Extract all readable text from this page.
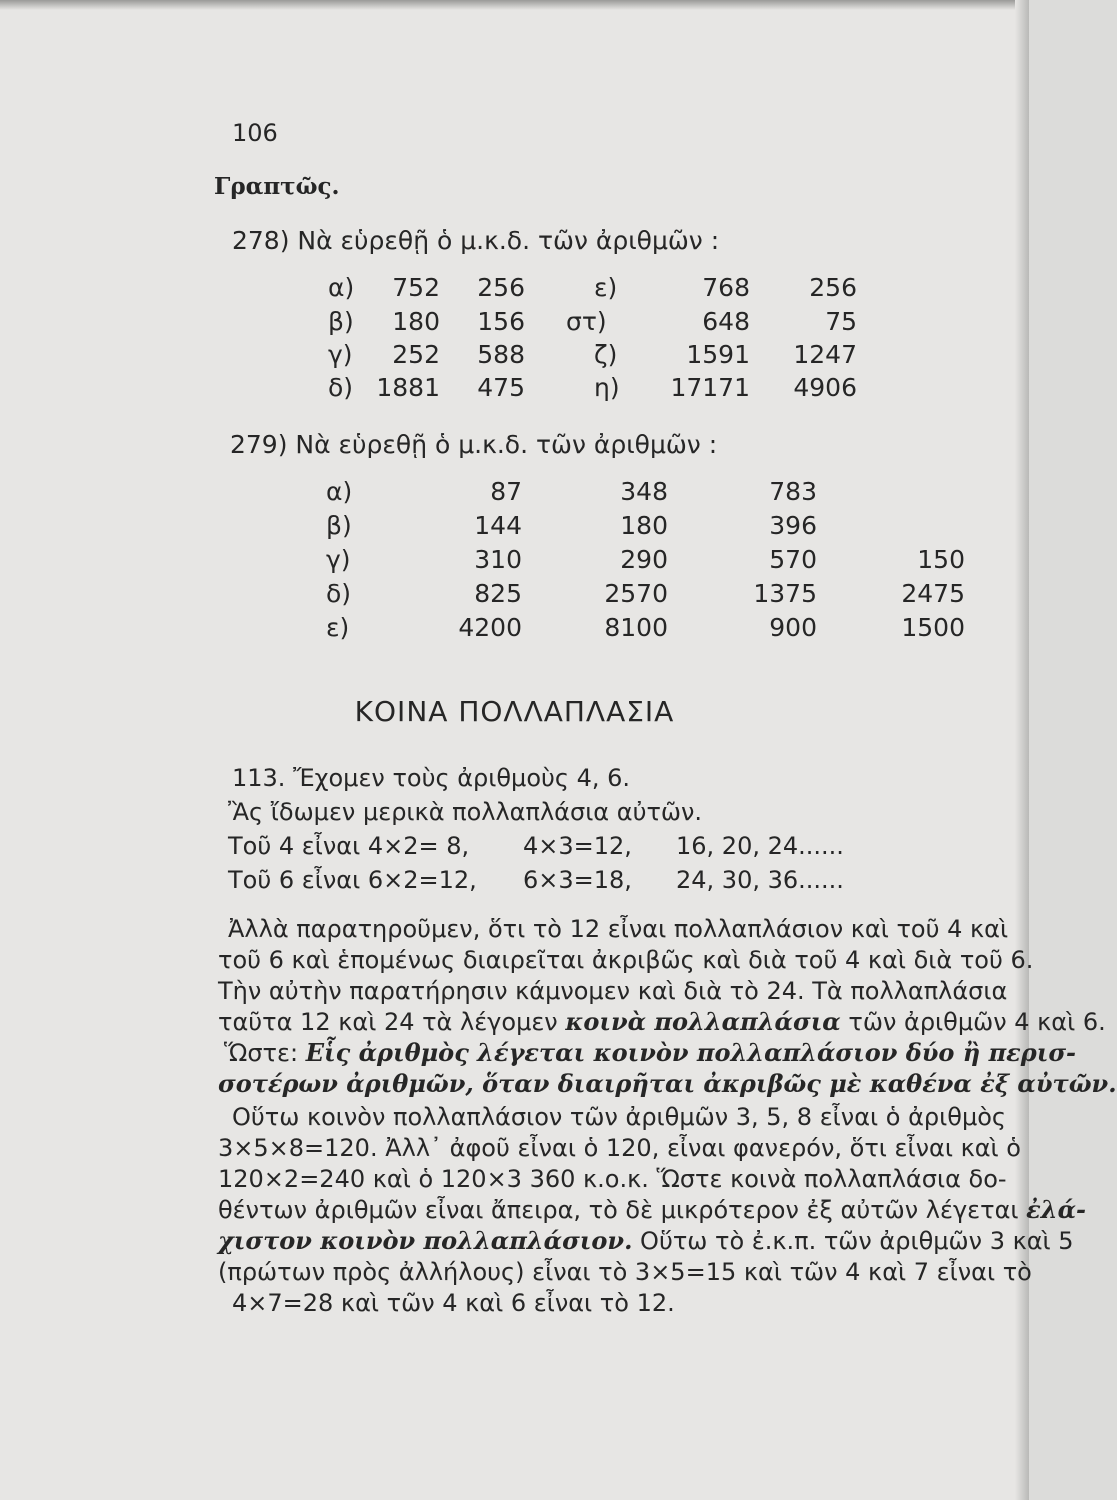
106
Γραπτῶς.
278) Νὰ εὑρεθῇ ὁ μ.κ.δ. τῶν ἀριθμῶν :
α)	752	256	ε)	768	256
β)	180	156 στ)	648	75
γ)	252	588	ζ)	1591	1247
δ) 1881	475	η)	17171	4906
279) Νὰ εὑρεθῇ ὁ μ.κ.δ. τῶν ἀριθμῶν :
α)	87	348	783
β)	144	180	396
γ)	310	290	570	150
δ)	825	2570	1375	2475
ε)	4200	8100	900	1500
ΚΟΙΝΑ ΠΟΛΛΑΠΛΑΣΙΑ
113. Ἔχομεν τοὺς ἀριθμοὺς 4, 6.
Ἂς ἴδωμεν μερικὰ πολλαπλάσια αὐτῶν.
Τοῦ 4 εἶναι 4×2= 8, 4×3=12, 16, 20, 24......
Τοῦ 6 εἶναι 6×2=12, 6×3=18, 24, 30, 36......
Ἀλλὰ παρατηροῦμεν, ὅτι τὸ 12 εἶναι πολλαπλάσιον καὶ τοῦ 4 καὶ
τοῦ 6 καὶ ἑπομένως διαιρεῖται ἀκριβῶς καὶ διὰ τοῦ 4 καὶ διὰ τοῦ 6.
Τὴν αὐτὴν παρατήρησιν κάμνομεν καὶ διὰ τὸ 24. Τὰ πολλαπλάσια
ταῦτα 12 καὶ 24 τὰ λέγομεν κοινὰ πολλαπλάσια τῶν ἀριθμῶν 4 καὶ 6.
Ὥστε: Εἷς ἀριθμὸς λέγεται κοινὸν πολλαπλάσιον δύο ἢ περισ-
σοτέρων ἀριθμῶν, ὅταν διαιρῆται ἀκριβῶς μὲ καθένα ἐξ αὐτῶν.
Οὕτω κοινὸν πολλαπλάσιον τῶν ἀριθμῶν 3, 5, 8 εἶναι ὁ ἀριθμὸς
3×5×8=120. Ἀλλ᾽ ἀφοῦ εἶναι ὁ 120, εἶναι φανερόν, ὅτι εἶναι καὶ ὁ
120×2=240 καὶ ὁ 120×3 360 κ.ο.κ. Ὥστε κοινὰ πολλαπλάσια δο-
θέντων ἀριθμῶν εἶναι ἄπειρα, τὸ δὲ μικρότερον ἐξ αὐτῶν λέγεται ἐλά-
χιστον κοινὸν πολλαπλάσιον. Οὕτω τὸ ἐ.κ.π. τῶν ἀριθμῶν 3 καὶ 5
(πρώτων πρὸς ἀλλήλους) εἶναι τὸ 3×5=15 καὶ τῶν 4 καὶ 7 εἶναι τὸ
4×7=28 καὶ τῶν 4 καὶ 6 εἶναι τὸ 12.
